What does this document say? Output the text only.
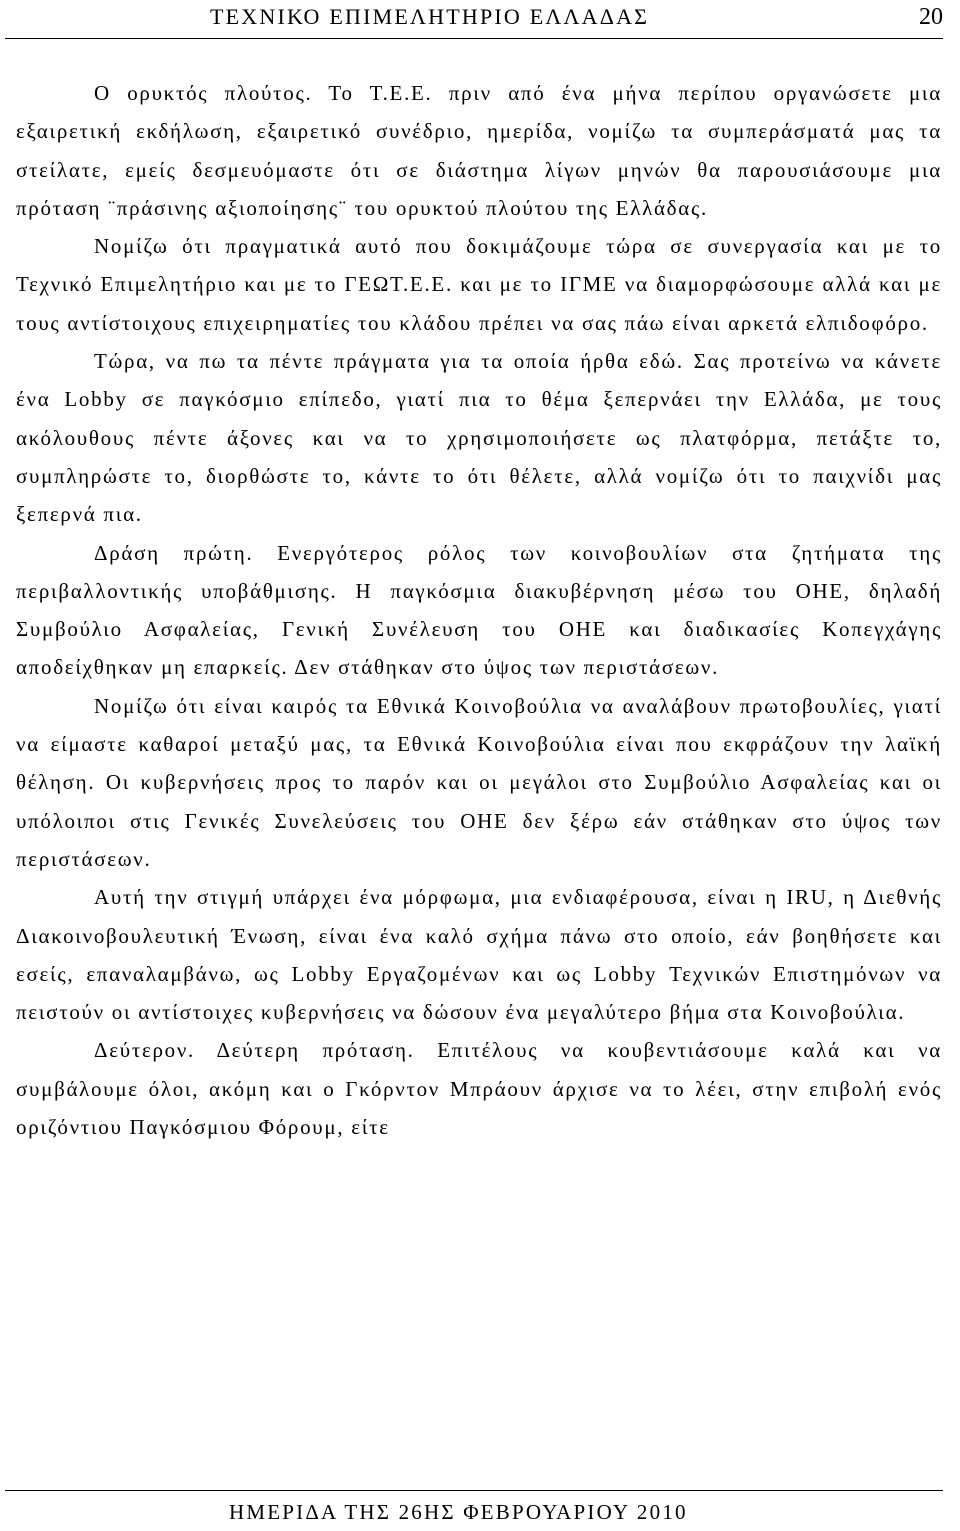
ΤΕΧΝΙΚΟ ΕΠΙΜΕΛΗΤΗΡΙΟ ΕΛΛΑΔΑΣ	20

Ο ορυκτός πλούτος. Το Τ.Ε.Ε. πριν από ένα μήνα περίπου οργανώσετε μια εξαιρετική εκδήλωση, εξαιρετικό συνέδριο, ημερίδα, νομίζω τα συμπεράσματά μας τα στείλατε, εμείς δεσμευόμαστε ότι σε διάστημα λίγων μηνών θα παρουσιάσουμε μια πρόταση ¨πράσινης αξιοποίησης¨ του ορυκτού πλούτου της Ελλάδας.

Νομίζω ότι πραγματικά αυτό που δοκιμάζουμε τώρα σε συνεργασία και με το Τεχνικό Επιμελητήριο και με το ΓΕΩΤ.Ε.Ε. και με το ΙΓΜΕ να διαμορφώσουμε αλλά και με τους αντίστοιχους επιχειρηματίες του κλάδου πρέπει να σας πάω είναι αρκετά ελπιδοφόρο.

Τώρα, να πω τα πέντε πράγματα για τα οποία ήρθα εδώ. Σας προτείνω να κάνετε ένα Lobby σε παγκόσμιο επίπεδο, γιατί πια το θέμα ξεπερνάει την Ελλάδα, με τους ακόλουθους πέντε άξονες και να το χρησιμοποιήσετε ως πλατφόρμα, πετάξτε το, συμπληρώστε το, διορθώστε το, κάντε το ότι θέλετε, αλλά νομίζω ότι το παιχνίδι μας ξεπερνά πια.

Δράση πρώτη. Ενεργότερος ρόλος των κοινοβουλίων στα ζητήματα της περιβαλλοντικής υποβάθμισης. Η παγκόσμια διακυβέρνηση μέσω του ΟΗΕ, δηλαδή Συμβούλιο Ασφαλείας, Γενική Συνέλευση του ΟΗΕ και διαδικασίες Κοπεγχάγης αποδείχθηκαν μη επαρκείς. Δεν στάθηκαν στο ύψος των περιστάσεων.

Νομίζω ότι είναι καιρός τα Εθνικά Κοινοβούλια να αναλάβουν πρωτοβουλίες, γιατί να είμαστε καθαροί μεταξύ μας, τα Εθνικά Κοινοβούλια είναι που εκφράζουν την λαϊκή θέληση. Οι κυβερνήσεις προς το παρόν και οι μεγάλοι στο Συμβούλιο Ασφαλείας και οι υπόλοιποι στις Γενικές Συνελεύσεις του ΟΗΕ δεν ξέρω εάν στάθηκαν στο ύψος των περιστάσεων.

Αυτή την στιγμή υπάρχει ένα μόρφωμα, μια ενδιαφέρουσα, είναι η IRU, η Διεθνής Διακοινοβουλευτική Ένωση, είναι ένα καλό σχήμα πάνω στο οποίο, εάν βοηθήσετε και εσείς, επαναλαμβάνω, ως Lobby Εργαζομένων και ως Lobby Τεχνικών Επιστημόνων να πειστούν οι αντίστοιχες κυβερνήσεις να δώσουν ένα μεγαλύτερο βήμα στα Κοινοβούλια.

Δεύτερον. Δεύτερη πρόταση. Επιτέλους να κουβεντιάσουμε καλά και να συμβάλουμε όλοι, ακόμη και ο Γκόρντον Μπράουν άρχισε να το λέει, στην επιβολή ενός οριζόντιου Παγκόσμιου Φόρουμ, είτε

ΗΜΕΡΙΔΑ ΤΗΣ 26ΗΣ ΦΕΒΡΟΥΑΡΙΟΥ 2010
